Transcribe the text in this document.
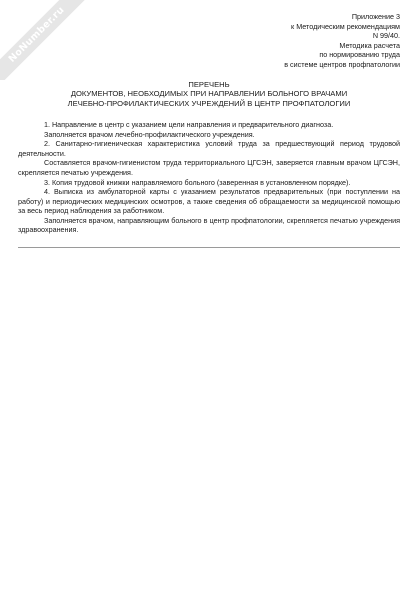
NoNumber.ru	Приложение 3
к Методическим рекомендациям
N 99/40.
Методика расчета
по нормированию труда
в системе центров профпатологии
ПЕРЕЧЕНЬ
ДОКУМЕНТОВ, НЕОБХОДИМЫХ ПРИ НАПРАВЛЕНИИ БОЛЬНОГО ВРАЧАМИ
ЛЕЧЕБНО-ПРОФИЛАКТИЧЕСКИХ УЧРЕЖДЕНИЙ В ЦЕНТР ПРОФПАТОЛОГИИ

1. Направление в центр с указанием цели направления и предварительного диагноза.

Заполняется врачом лечебно-профилактического учреждения.

2. Санитарно-гигиеническая характеристика условий труда за предшествующий период трудовой деятельности.

Составляется врачом-гигиенистом труда территориального ЦГСЭН, заверяется главным врачом ЦГСЭН, скрепляется печатью учреждения.

3. Копия трудовой книжки направляемого больного (заверенная в установленном порядке).

4. Выписка из амбулаторной карты с указанием результатов предварительных (при поступлении на работу) и периодических медицинских осмотров, а также сведения об обращаемости за медицинской помощью за весь период наблюдения за работником.

Заполняется врачом, направляющим больного в центр профпатологии, скрепляется печатью учреждения здравоохранения.
